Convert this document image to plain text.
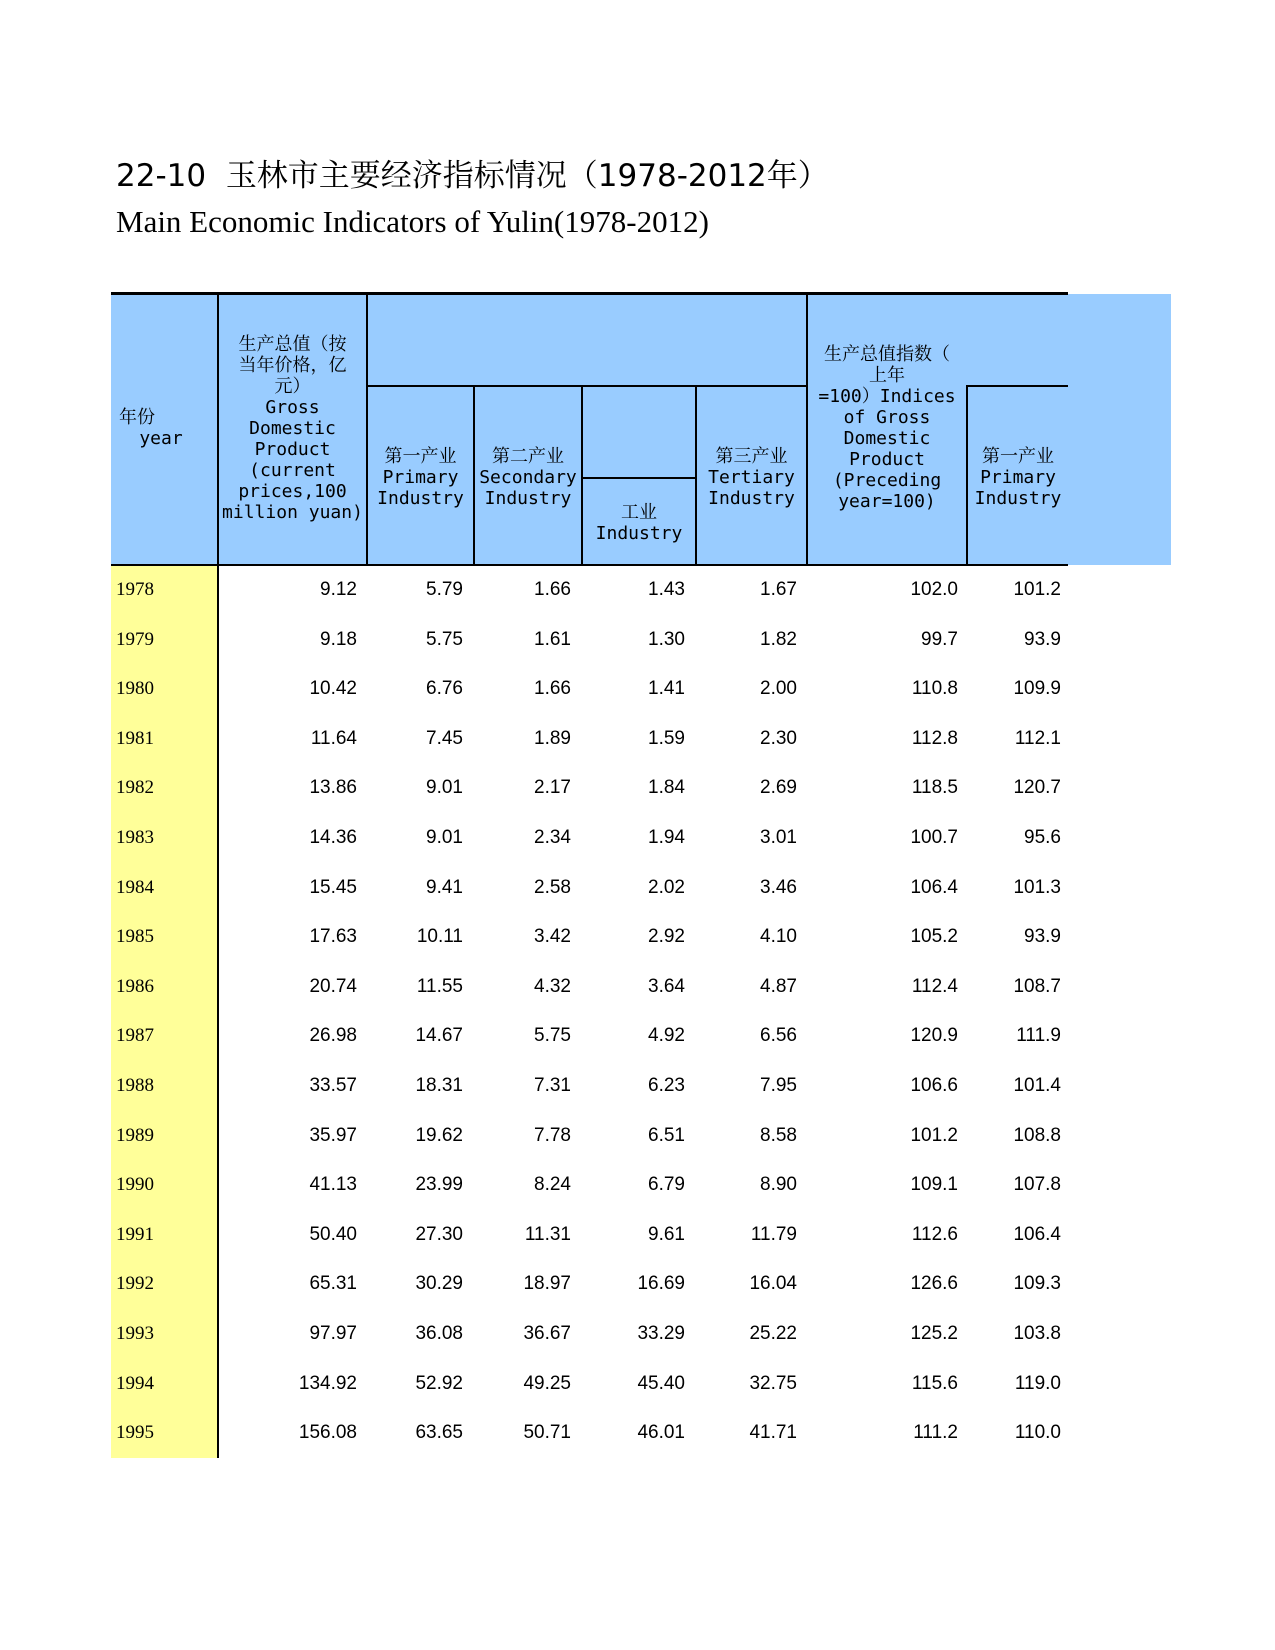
22-10 玉林市主要经济指标情况（1978-2012年）
Main Economic Indicators of Yulin(1978-2012)
年份
year
生产总值（按
当年价格，亿
元）
Gross
Domestic
Product
(current
prices,100
million yuan)
第一产业
Primary
Industry
第二产业
Secondary
Industry
工业
Industry
第三产业
Tertiary
Industry
生产总值指数（
上年
=100）Indices
of Gross
Domestic
Product
(Preceding
year=100)
第一产业
Primary
Industry
1978	9.12	5.79	1.66	1.43	1.67	102.0	101.2
1979	9.18	5.75	1.61	1.30	1.82	99.7	93.9
1980	10.42	6.76	1.66	1.41	2.00	110.8	109.9
1981	11.64	7.45	1.89	1.59	2.30	112.8	112.1
1982	13.86	9.01	2.17	1.84	2.69	118.5	120.7
1983	14.36	9.01	2.34	1.94	3.01	100.7	95.6
1984	15.45	9.41	2.58	2.02	3.46	106.4	101.3
1985	17.63	10.11	3.42	2.92	4.10	105.2	93.9
1986	20.74	11.55	4.32	3.64	4.87	112.4	108.7
1987	26.98	14.67	5.75	4.92	6.56	120.9	111.9
1988	33.57	18.31	7.31	6.23	7.95	106.6	101.4
1989	35.97	19.62	7.78	6.51	8.58	101.2	108.8
1990	41.13	23.99	8.24	6.79	8.90	109.1	107.8
1991	50.40	27.30	11.31	9.61	11.79	112.6	106.4
1992	65.31	30.29	18.97	16.69	16.04	126.6	109.3
1993	97.97	36.08	36.67	33.29	25.22	125.2	103.8
1994	134.92	52.92	49.25	45.40	32.75	115.6	119.0
1995	156.08	63.65	50.71	46.01	41.71	111.2	110.0
